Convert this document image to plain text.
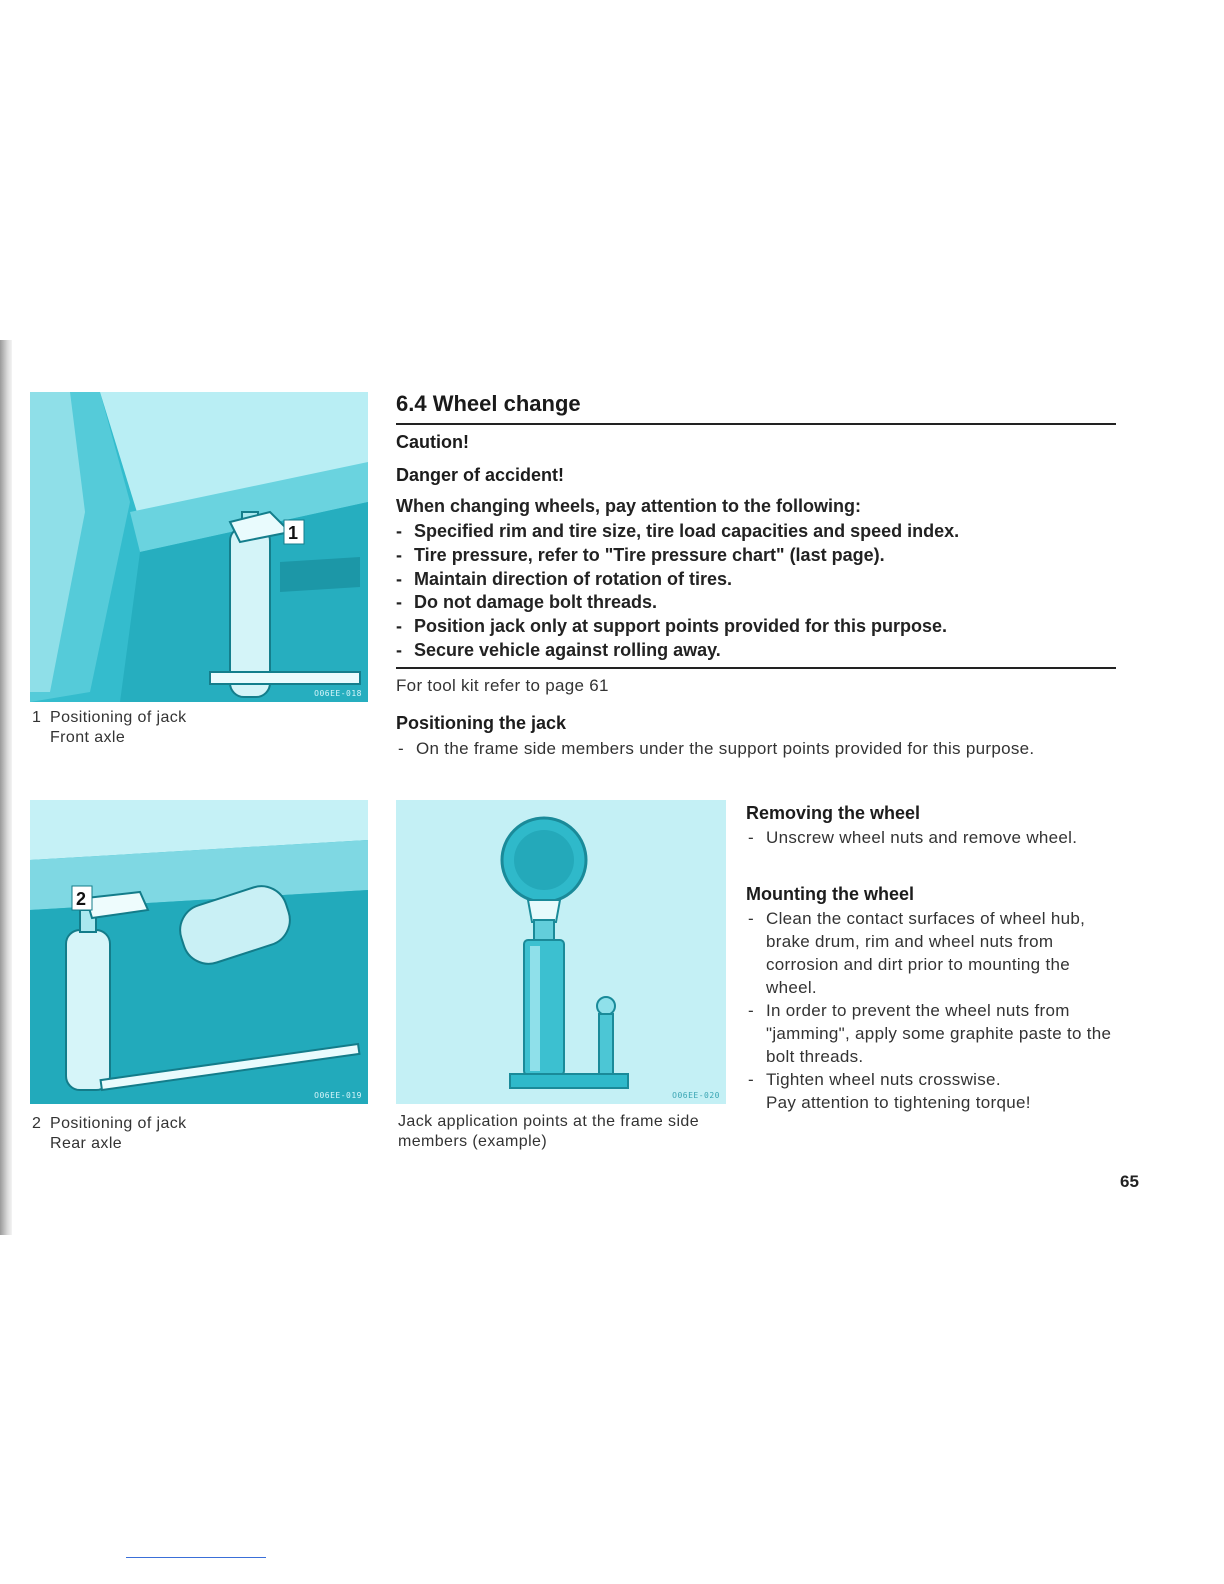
1
O06EE-018
1 Positioning of jack
Front axle
2
O06EE-019
2 Positioning of jack
Rear axle
6.4 Wheel change
Caution!
Danger of accident!
When changing wheels, pay attention to the following:
- Specified rim and tire size, tire load capacities and speed index.
- Tire pressure, refer to "Tire pressure chart" (last page).
- Maintain direction of rotation of tires.
- Do not damage bolt threads.
- Position jack only at support points provided for this purpose.
- Secure vehicle against rolling away.
For tool kit refer to page 61
Positioning the jack
- On the frame side members under the support points provided for this purpose.
O06EE-020
Jack application points at the frame side members (example)
Removing the wheel
- Unscrew wheel nuts and remove wheel.
Mounting the wheel
- Clean the contact surfaces of wheel hub, brake drum, rim and wheel nuts from corrosion and dirt prior to mounting the wheel.
- In order to prevent the wheel nuts from "jamming", apply some graphite paste to the bolt threads.
- Tighten wheel nuts crosswise.
Pay attention to tightening torque!
65
